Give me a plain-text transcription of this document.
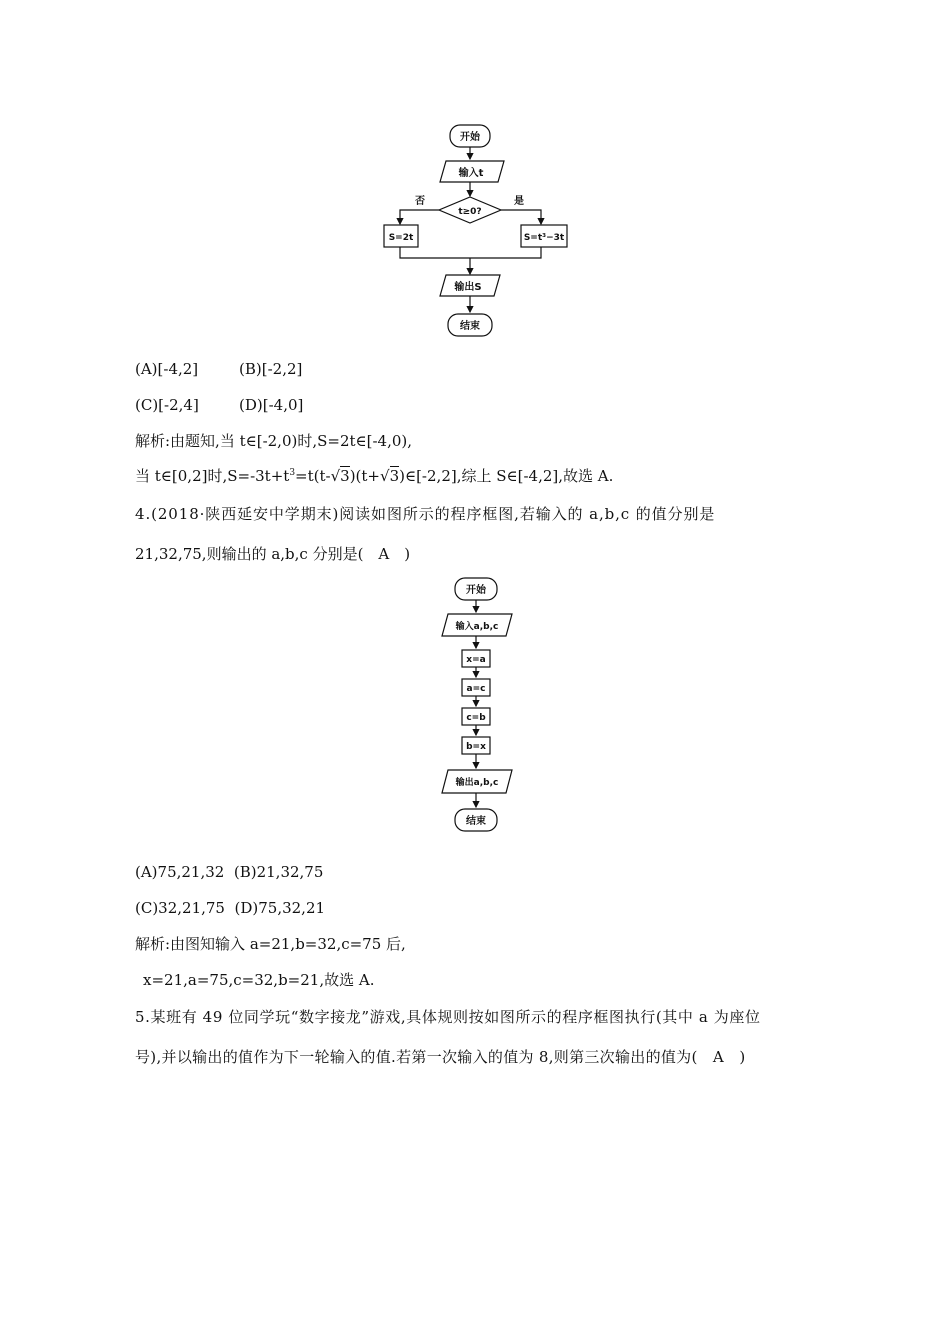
开始
输入t
t≥0?
否	是
S=2t	S=t³−3t
输出S
结束
(A)[-4,2]	(B)[-2,2]
(C)[-2,4]	(D)[-4,0]
解析:由题知,当 t∈[-2,0)时,S=2t∈[-4,0),
当 t∈[0,2]时$,S=-3t+t^3=t(t-√3)(t+√3)\in[-2,2]$,综上 S∈[-4,2],故选 A.
4.(2018·陕西延安中学期末)阅读如图所示的程序框图,若输入的 a,b,c 的值分别是
21,32,75,则输出的 a,b,c 分别是(　A　)
开始
输入a,b,c
x=a
a=c
c=b
b=x
输出a,b,c
结束
(A)75,21,32  (B)21,32,75
(C)32,21,75  (D)75,32,21
解析:由图知输入 a=21,b=32,c=75 后,
x=21,a=75,c=32,b=21,故选 A.
5.某班有 49 位同学玩“数字接龙”游戏,具体规则按如图所示的程序框图执行(其中 a 为座位
号),并以输出的值作为下一轮输入的值.若第一次输入的值为 8,则第三次输出的值为(　A　)
